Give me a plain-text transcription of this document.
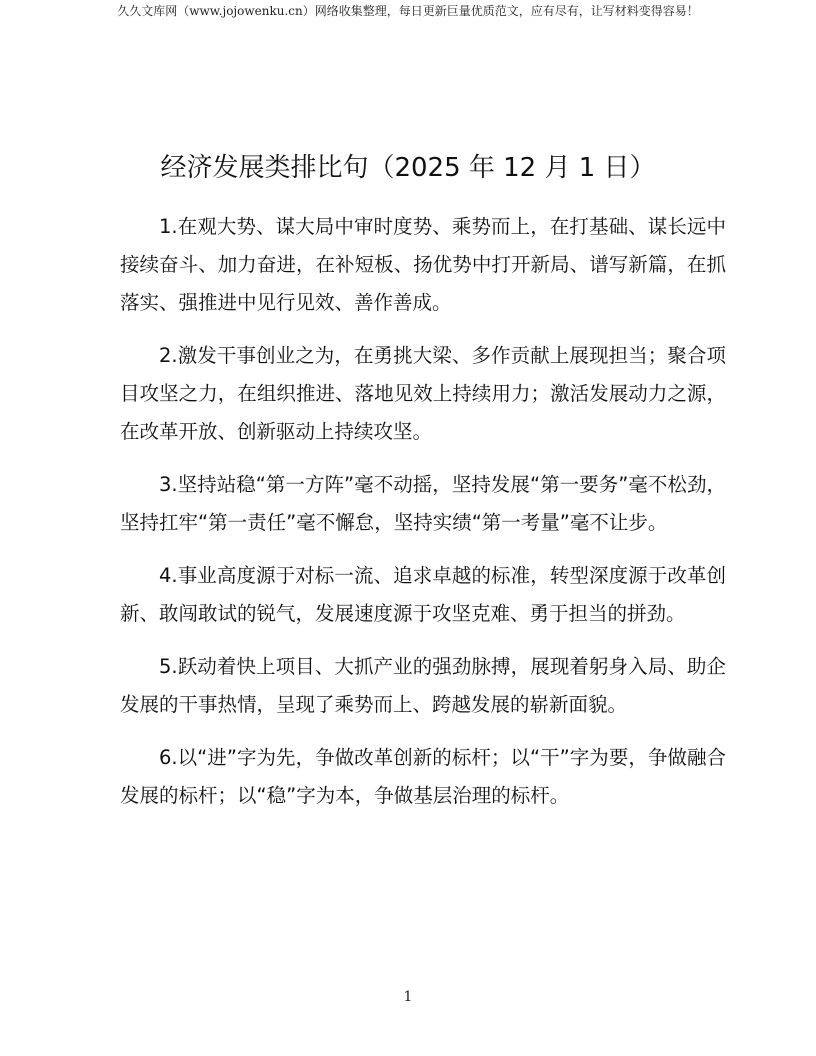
久久文库网（www.jojowenku.cn）网络收集整理，每日更新巨量优质范文，应有尽有，让写材料变得容易！
经济发展类排比句（2025 年 12 月 1 日）

1.在观大势、谋大局中审时度势、乘势而上，在打基础、谋长远中接续奋斗、加力奋进，在补短板、扬优势中打开新局、谱写新篇，在抓落实、强推进中见行见效、善作善成。

2.激发干事创业之为，在勇挑大梁、多作贡献上展现担当；聚合项目攻坚之力，在组织推进、落地见效上持续用力；激活发展动力之源，在改革开放、创新驱动上持续攻坚。

3.坚持站稳“第一方阵”毫不动摇，坚持发展“第一要务”毫不松劲，坚持扛牢“第一责任”毫不懈怠，坚持实绩“第一考量”毫不让步。

4.事业高度源于对标一流、追求卓越的标准，转型深度源于改革创新、敢闯敢试的锐气，发展速度源于攻坚克难、勇于担当的拼劲。

5.跃动着快上项目、大抓产业的强劲脉搏，展现着躬身入局、助企发展的干事热情，呈现了乘势而上、跨越发展的崭新面貌。

6.以“进”字为先，争做改革创新的标杆；以“干”字为要，争做融合发展的标杆；以“稳”字为本，争做基层治理的标杆。

1
